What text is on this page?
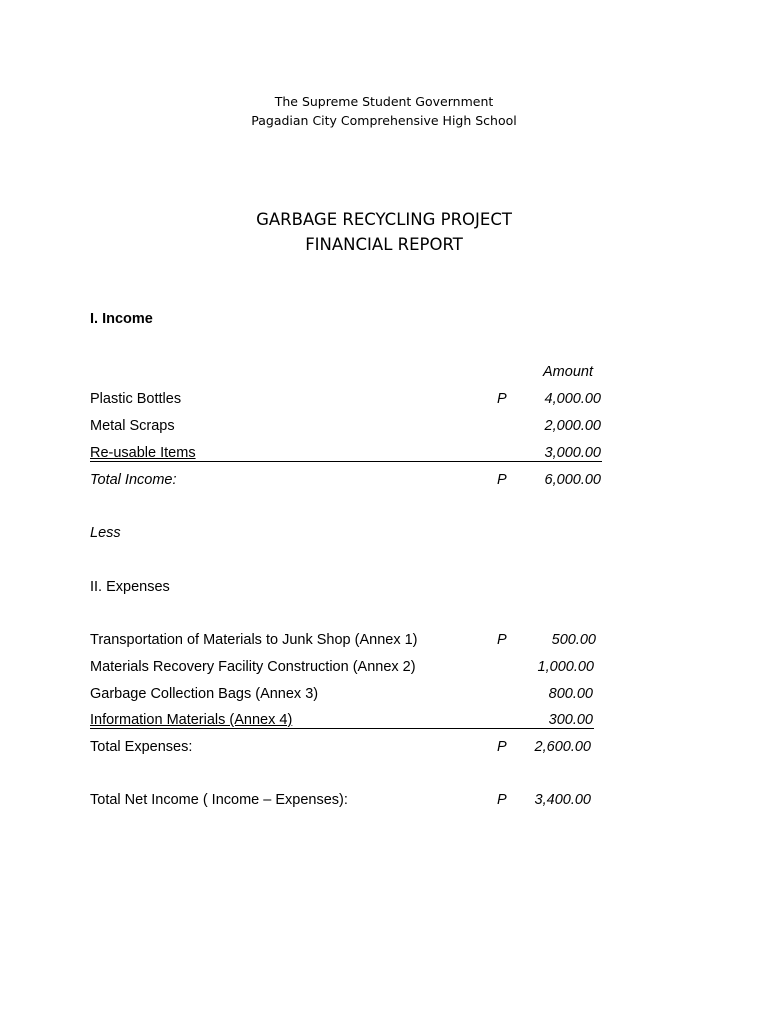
The Supreme Student Government
Pagadian City Comprehensive High School
GARBAGE RECYCLING PROJECT
FINANCIAL REPORT
I. Income
Amount
Plastic Bottles	P	4,000.00
Metal Scraps	2,000.00
Re-usable Items	3,000.00
Total Income:	P	6,000.00
Less
II. Expenses
Transportation of Materials to Junk Shop (Annex 1)	P	500.00
Materials Recovery Facility Construction (Annex 2)	1,000.00
Garbage Collection Bags (Annex 3)	800.00
Information Materials (Annex 4)	300.00
Total Expenses:	P	2,600.00
Total Net Income ( Income – Expenses):	P	3,400.00
